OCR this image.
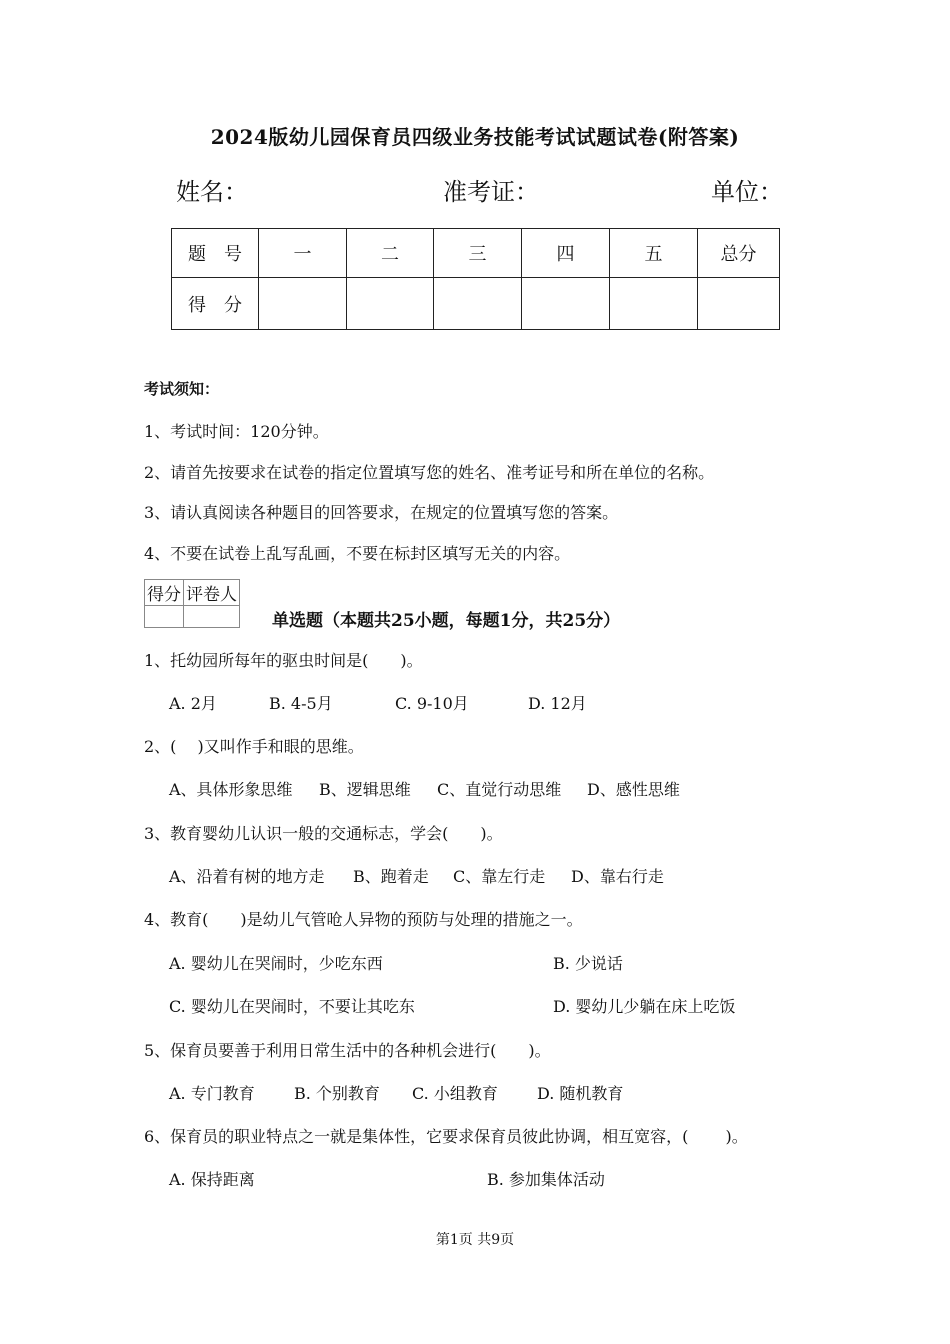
2024版幼儿园保育员四级业务技能考试试题试卷(附答案)
姓名：	准考证：	单位：
题　号	一	二	三	四	五	总分
得　分						
考试须知：
1、考试时间：120分钟。
2、请首先按要求在试卷的指定位置填写您的姓名、准考证号和所在单位的名称。
3、请认真阅读各种题目的回答要求，在规定的位置填写您的答案。
4、不要在试卷上乱写乱画，不要在标封区填写无关的内容。
得分	评卷人

单选题（本题共25小题，每题1分，共25分）
1、托幼园所每年的驱虫时间是(　　)。
A. 2月	B. 4-5月	C. 9-10月	D. 12月
2、(　 )又叫作手和眼的思维。
A、具体形象思维 B、逻辑思维 C、直觉行动思维 D、感性思维
3、教育婴幼儿认识一般的交通标志，学会(　　)。
A、沿着有树的地方走 B、跑着走 C、靠左行走 D、靠右行走
4、教育(　　)是幼儿气管呛人异物的预防与处理的措施之一。
A. 婴幼儿在哭闹时，少吃东西	B. 少说话
C. 婴幼儿在哭闹时，不要让其吃东	D. 婴幼儿少躺在床上吃饭
5、保育员要善于利用日常生活中的各种机会进行(　　)。
A. 专门教育 B. 个别教育 C. 小组教育 D. 随机教育
6、保育员的职业特点之一就是集体性，它要求保育员彼此协调，相互宽容，(　　 )。
A. 保持距离	B. 参加集体活动
第1页 共9页
